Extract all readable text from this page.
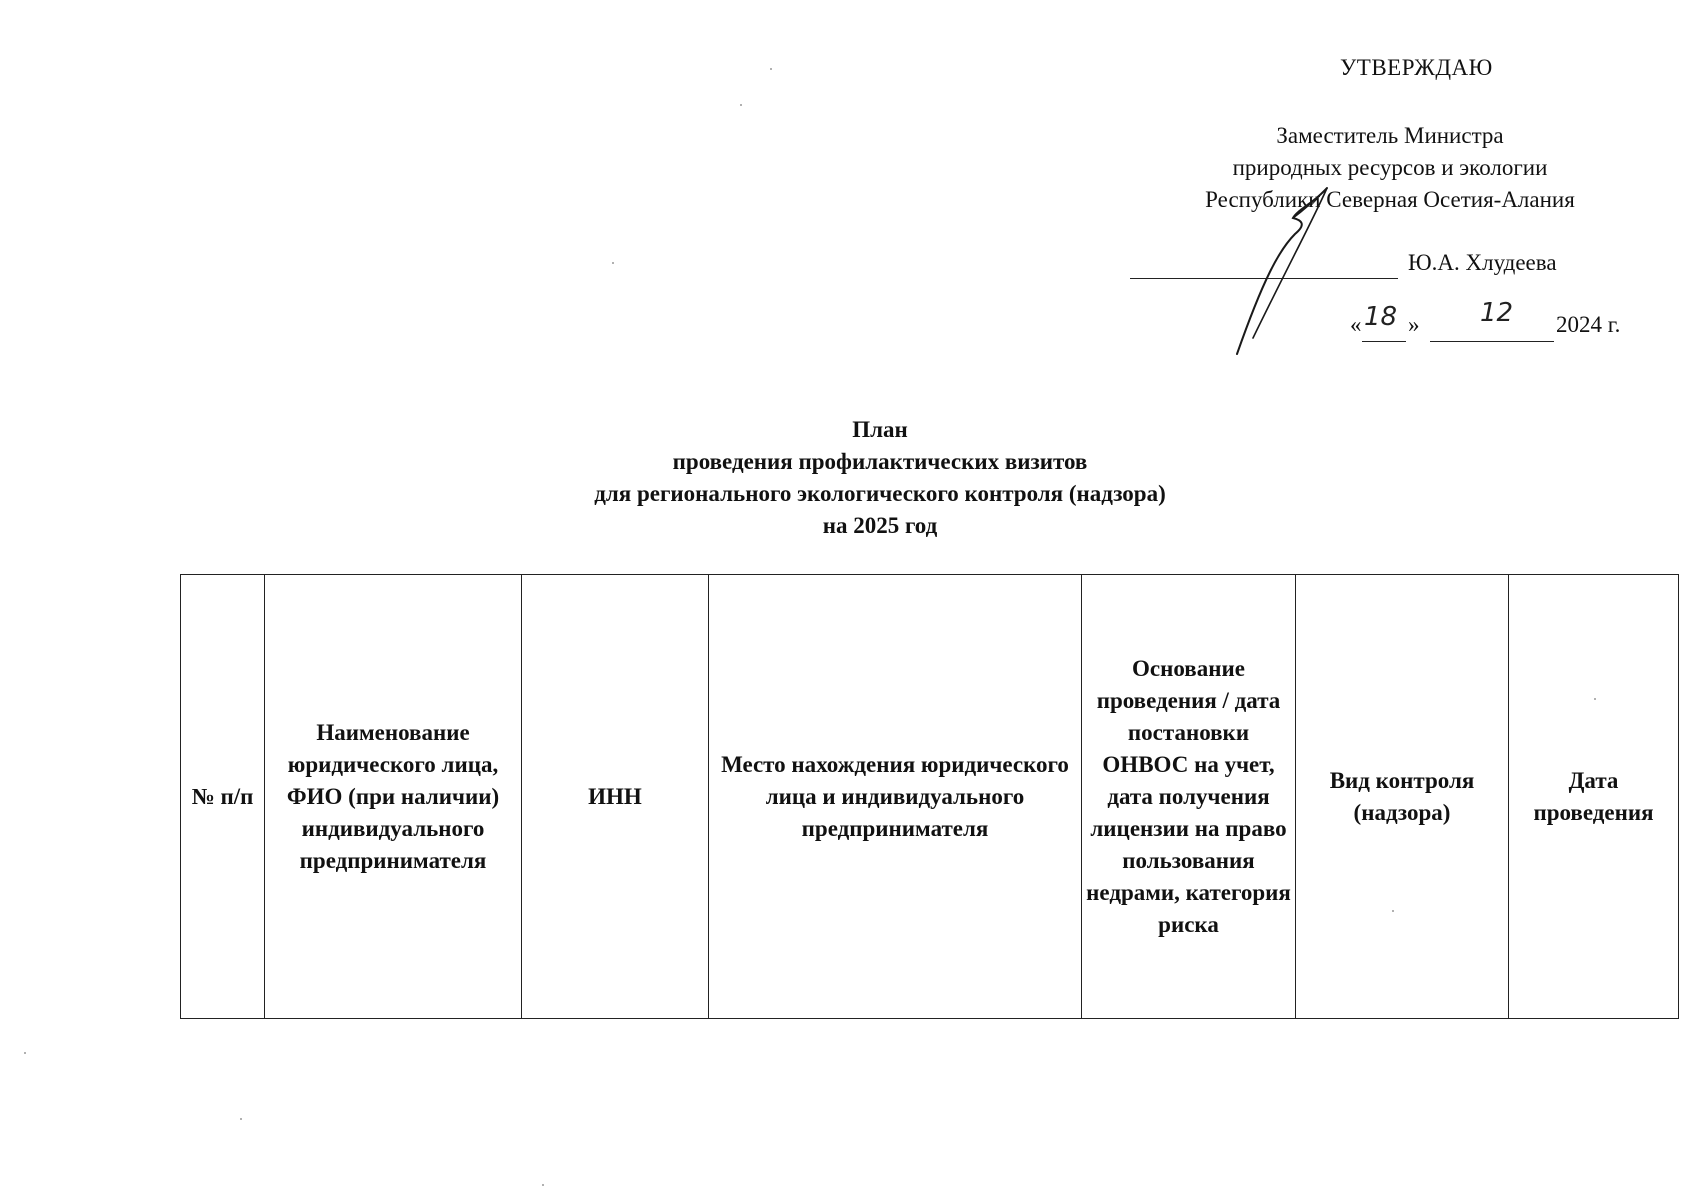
УТВЕРЖДАЮ
Заместитель Министра
природных ресурсов и экологии
Республики Северная Осетия-Алания
Ю.А. Хлудеева
« 18 » 12 2024 г.
План
проведения профилактических визитов
для регионального экологического контроля (надзора)
на 2025 год
№ п/п	Наименование юридического лица, ФИО (при наличии) индивидуального предпринимателя	ИНН	Место нахождения юридического лица и индивидуального предпринимателя	Основание проведения / дата постановки ОНВОС на учет, дата получения лицензии на право пользования недрами, категория риска	Вид контроля (надзора)	Дата проведения
